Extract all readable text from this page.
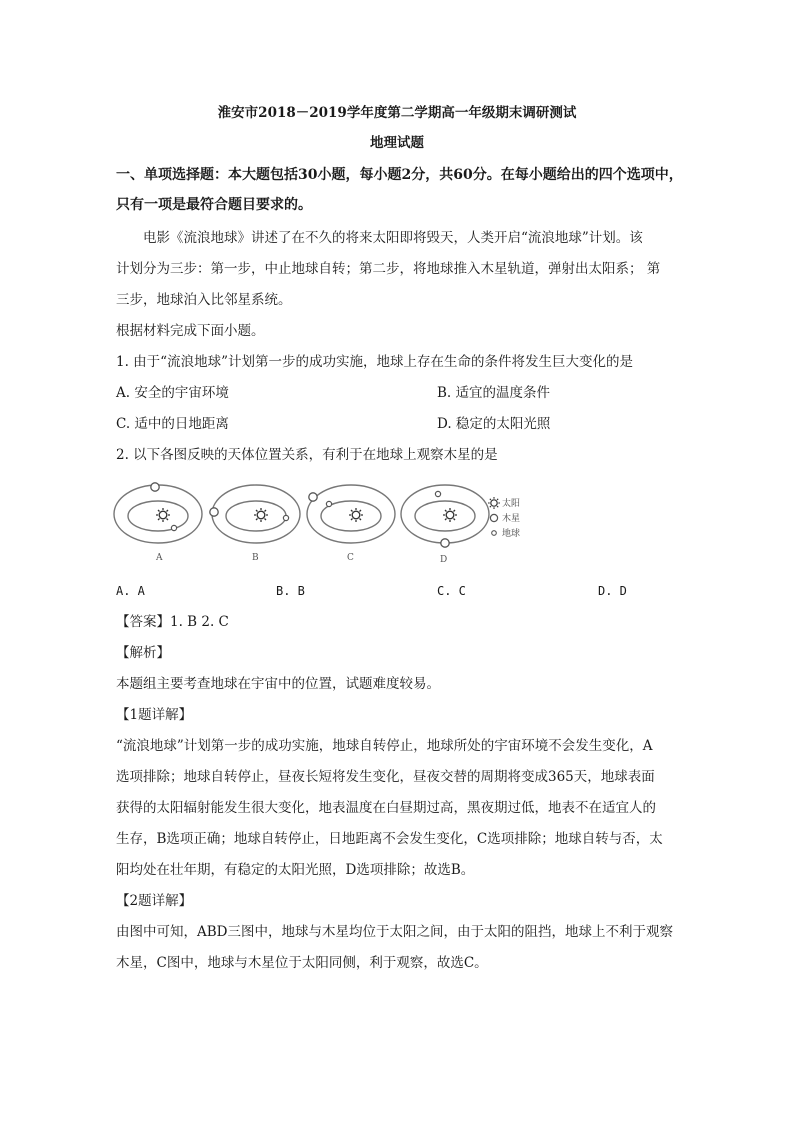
淮安市2018－2019学年度第二学期高一年级期末调研测试
地理试题
一、单项选择题：本大题包括30小题，每小题2分，共60分。在每小题给出的四个选项中，
只有一项是最符合题目要求的。
电影《流浪地球》讲述了在不久的将来太阳即将毁天，人类开启“流浪地球”计划。该
计划分为三步：第一步，中止地球自转；第二步，将地球推入木星轨道，弹射出太阳系； 第
三步，地球泊入比邻星系统。
根据材料完成下面小题。
1. 由于“流浪地球”计划第一步的成功实施，地球上存在生命的条件将发生巨大变化的是
A. 安全的宇宙环境	B. 适宜的温度条件
C. 适中的日地距离	D. 稳定的太阳光照
2. 以下各图反映的天体位置关系，有利于在地球上观察木星的是
A	B	C	D
太阳
木星
地球
A. A	B. B	C. C	D. D
【答案】1. B 2. C
【解析】
本题组主要考查地球在宇宙中的位置，试题难度较易。
【1题详解】
“流浪地球”计划第一步的成功实施，地球自转停止，地球所处的宇宙环境不会发生变化，A
选项排除；地球自转停止，昼夜长短将发生变化，昼夜交替的周期将变成365天，地球表面
获得的太阳辐射能发生很大变化，地表温度在白昼期过高，黑夜期过低，地表不在适宜人的
生存，B选项正确；地球自转停止，日地距离不会发生变化，C选项排除；地球自转与否，太
阳均处在壮年期，有稳定的太阳光照，D选项排除；故选B。
【2题详解】
由图中可知，ABD三图中，地球与木星均位于太阳之间，由于太阳的阻挡，地球上不利于观察
木星，C图中，地球与木星位于太阳同侧，利于观察，故选C。
